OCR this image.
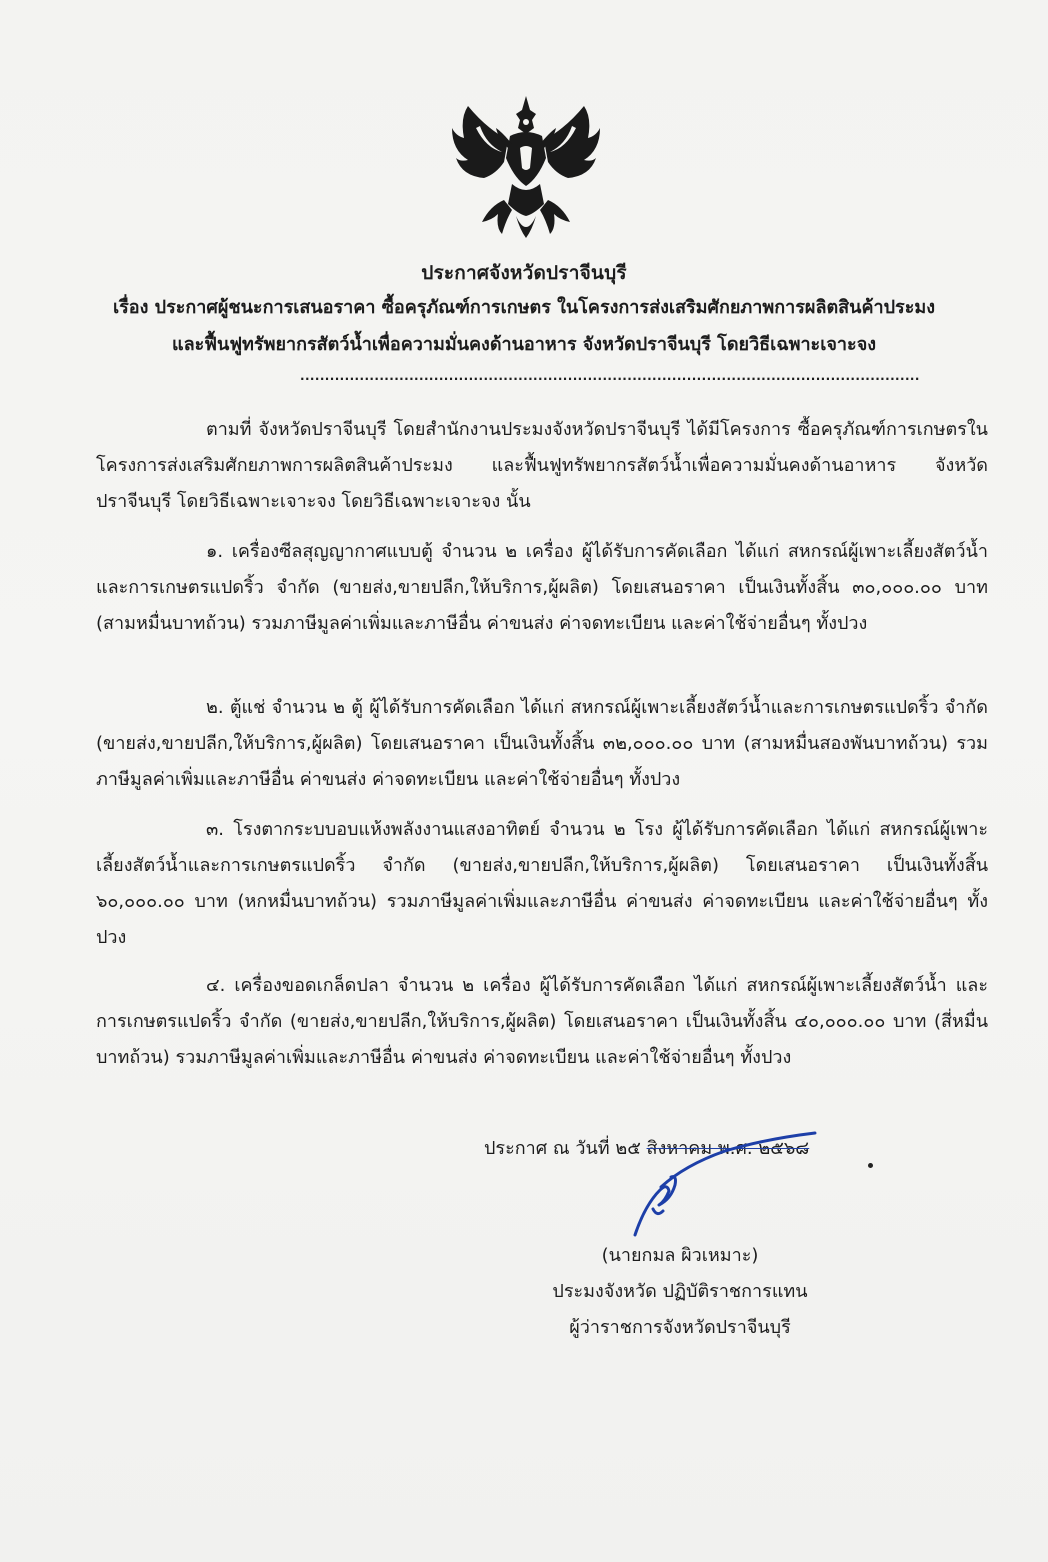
ประกาศจังหวัดปราจีนบุรี
เรื่อง ประกาศผู้ชนะการเสนอราคา ซื้อครุภัณฑ์การเกษตร ในโครงการส่งเสริมศักยภาพการผลิตสินค้าประมง
และฟื้นฟูทรัพยากรสัตว์น้ำเพื่อความมั่นคงด้านอาหาร จังหวัดปราจีนบุรี โดยวิธีเฉพาะเจาะจง
.............................................................................................................................
ตามที่ จังหวัดปราจีนบุรี โดยสำนักงานประมงจังหวัดปราจีนบุรี ได้มีโครงการ ซื้อครุภัณฑ์การเกษตรในโครงการส่งเสริมศักยภาพการผลิตสินค้าประมง และฟื้นฟูทรัพยากรสัตว์น้ำเพื่อความมั่นคงด้านอาหาร จังหวัดปราจีนบุรี โดยวิธีเฉพาะเจาะจง โดยวิธีเฉพาะเจาะจง นั้น
๑. เครื่องซีลสุญญากาศแบบตู้ จำนวน ๒ เครื่อง ผู้ได้รับการคัดเลือก ได้แก่ สหกรณ์ผู้เพาะเลี้ยงสัตว์น้ำและการเกษตรแปดริ้ว จำกัด (ขายส่ง,ขายปลีก,ให้บริการ,ผู้ผลิต) โดยเสนอราคา เป็นเงินทั้งสิ้น ๓๐,๐๐๐.๐๐ บาท (สามหมื่นบาทถ้วน) รวมภาษีมูลค่าเพิ่มและภาษีอื่น ค่าขนส่ง ค่าจดทะเบียน และค่าใช้จ่ายอื่นๆ ทั้งปวง
๒. ตู้แช่ จำนวน ๒ ตู้ ผู้ได้รับการคัดเลือก ได้แก่ สหกรณ์ผู้เพาะเลี้ยงสัตว์น้ำและการเกษตรแปดริ้ว จำกัด (ขายส่ง,ขายปลีก,ให้บริการ,ผู้ผลิต) โดยเสนอราคา เป็นเงินทั้งสิ้น ๓๒,๐๐๐.๐๐ บาท (สามหมื่นสองพันบาทถ้วน) รวมภาษีมูลค่าเพิ่มและภาษีอื่น ค่าขนส่ง ค่าจดทะเบียน และค่าใช้จ่ายอื่นๆ ทั้งปวง
๓. โรงตากระบบอบแห้งพลังงานแสงอาทิตย์ จำนวน ๒ โรง ผู้ได้รับการคัดเลือก ได้แก่ สหกรณ์ผู้เพาะเลี้ยงสัตว์น้ำและการเกษตรแปดริ้ว จำกัด (ขายส่ง,ขายปลีก,ให้บริการ,ผู้ผลิต) โดยเสนอราคา เป็นเงินทั้งสิ้น ๖๐,๐๐๐.๐๐ บาท (หกหมื่นบาทถ้วน) รวมภาษีมูลค่าเพิ่มและภาษีอื่น ค่าขนส่ง ค่าจดทะเบียน และค่าใช้จ่ายอื่นๆ ทั้งปวง
๔. เครื่องขอดเกล็ดปลา จำนวน ๒ เครื่อง ผู้ได้รับการคัดเลือก ได้แก่ สหกรณ์ผู้เพาะเลี้ยงสัตว์น้ำ และการเกษตรแปดริ้ว จำกัด (ขายส่ง,ขายปลีก,ให้บริการ,ผู้ผลิต) โดยเสนอราคา เป็นเงินทั้งสิ้น ๔๐,๐๐๐.๐๐ บาท (สี่หมื่นบาทถ้วน) รวมภาษีมูลค่าเพิ่มและภาษีอื่น ค่าขนส่ง ค่าจดทะเบียน และค่าใช้จ่ายอื่นๆ ทั้งปวง
ประกาศ ณ วันที่ ๒๕ สิงหาคม พ.ศ. ๒๕๖๘
(นายกมล ผิวเหมาะ)
ประมงจังหวัด ปฏิบัติราชการแทน
ผู้ว่าราชการจังหวัดปราจีนบุรี
